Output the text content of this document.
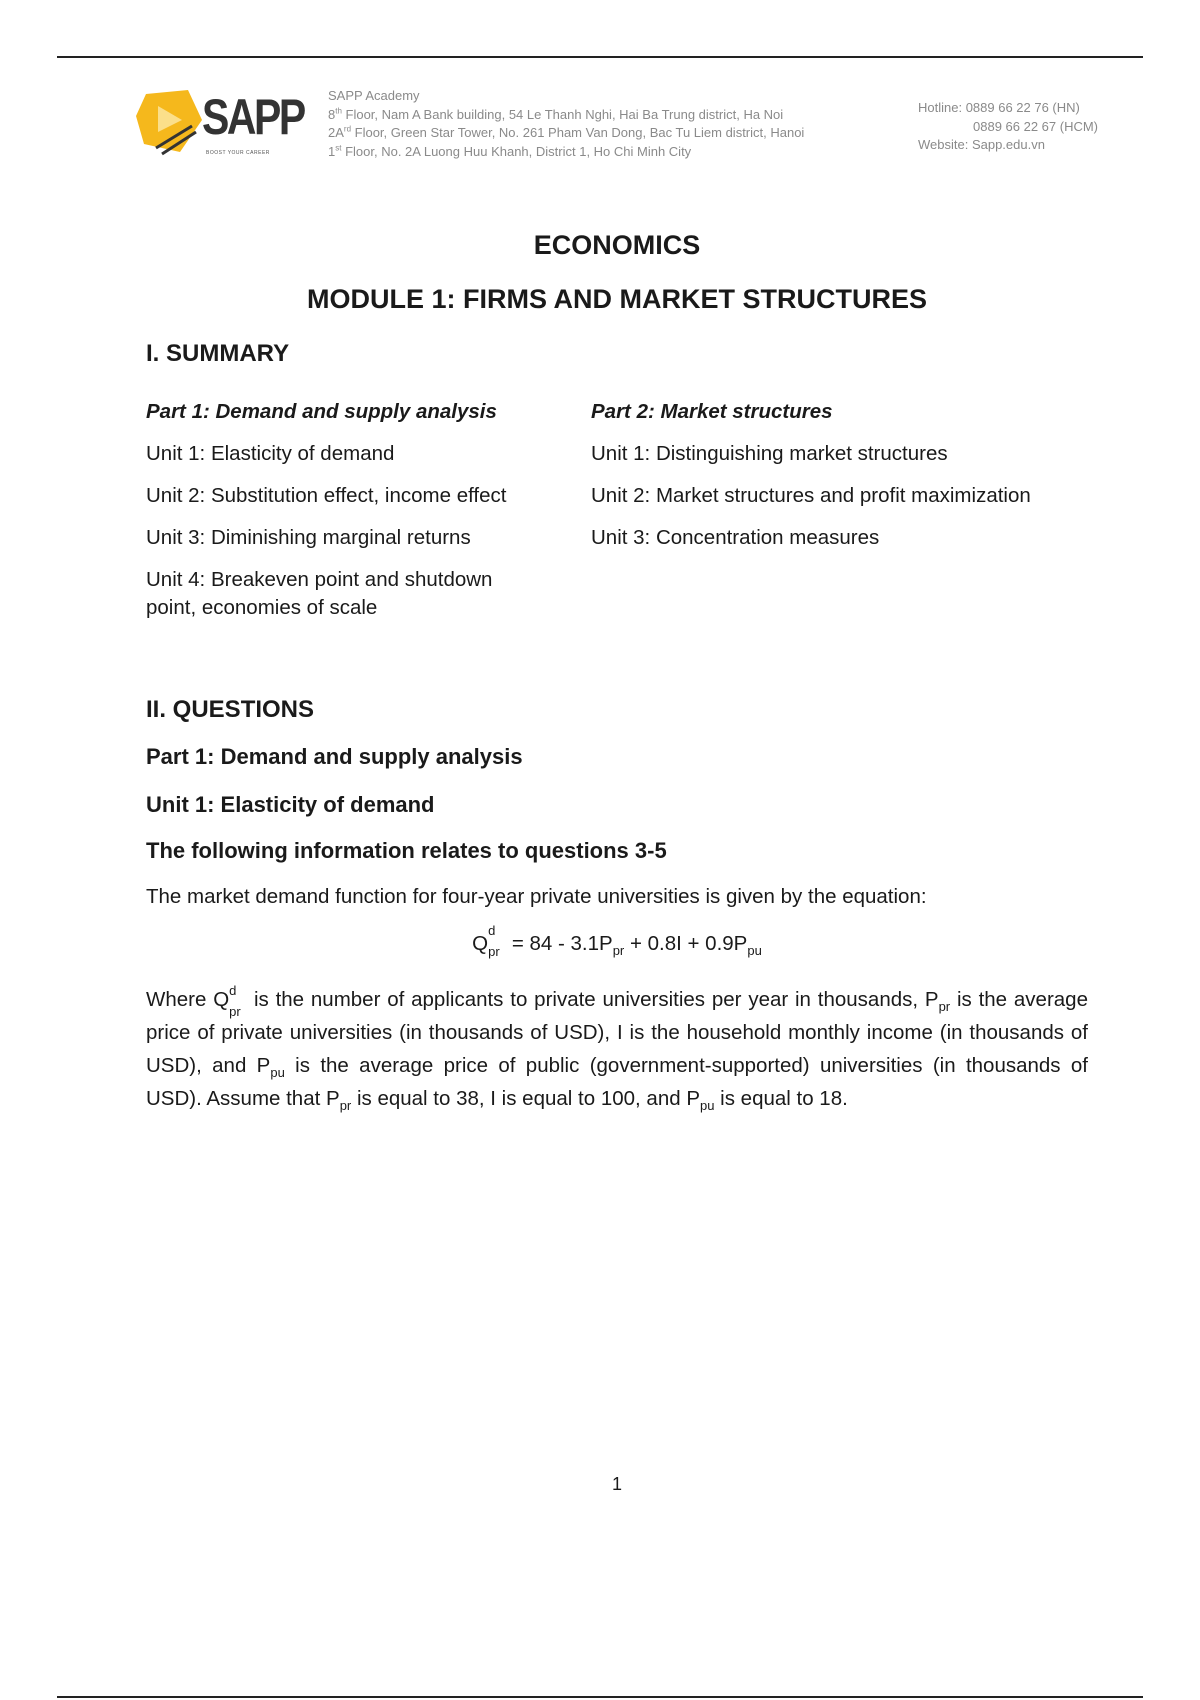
SAPP
BOOST YOUR CAREER
SAPP Academy
8th Floor, Nam A Bank building, 54 Le Thanh Nghi, Hai Ba Trung district, Ha Noi
$2A^{rd}$ Floor, Green Star Tower, No. 261 Pham Van Dong, Bac Tu Liem district, Hanoi
1st Floor, No. 2A Luong Huu Khanh, District 1, Ho Chi Minh City
Hotline: 0889 66 22 76 (HN)
0889 66 22 67 (HCM)
Website: Sapp.edu.vn
ECONOMICS
MODULE 1: FIRMS AND MARKET STRUCTURES
I. SUMMARY
Part 1: Demand and supply analysis
Unit 1: Elasticity of demand
Unit 2: Substitution effect, income effect
Unit 3: Diminishing marginal returns
Unit 4: Breakeven point and shutdown point, economies of scale
Part 2: Market structures
Unit 1: Distinguishing market structures
Unit 2: Market structures and profit maximization
Unit 3: Concentration measures
II. QUESTIONS
Part 1: Demand and supply analysis
Unit 1: Elasticity of demand
The following information relates to questions 3-5
The market demand function for four-year private universities is given by the equation:
Q
d
pr = $84 - 3.1P_{pr} + 0.8I + 0.9P_{pu}$
Where Q d
pr
is the number of applicants to private universities per year in thousands, $P_{pr}$ is the average price of private universities (in thousands of USD), I is the household monthly income (in thousands of USD), and $P_{pu}$ is the average price of public (government-supported) universities (in thousands of USD). Assume that $P_{pr}$ is equal to 38, I is equal to 100, and $P_{pu}$ is equal to 18.
1
